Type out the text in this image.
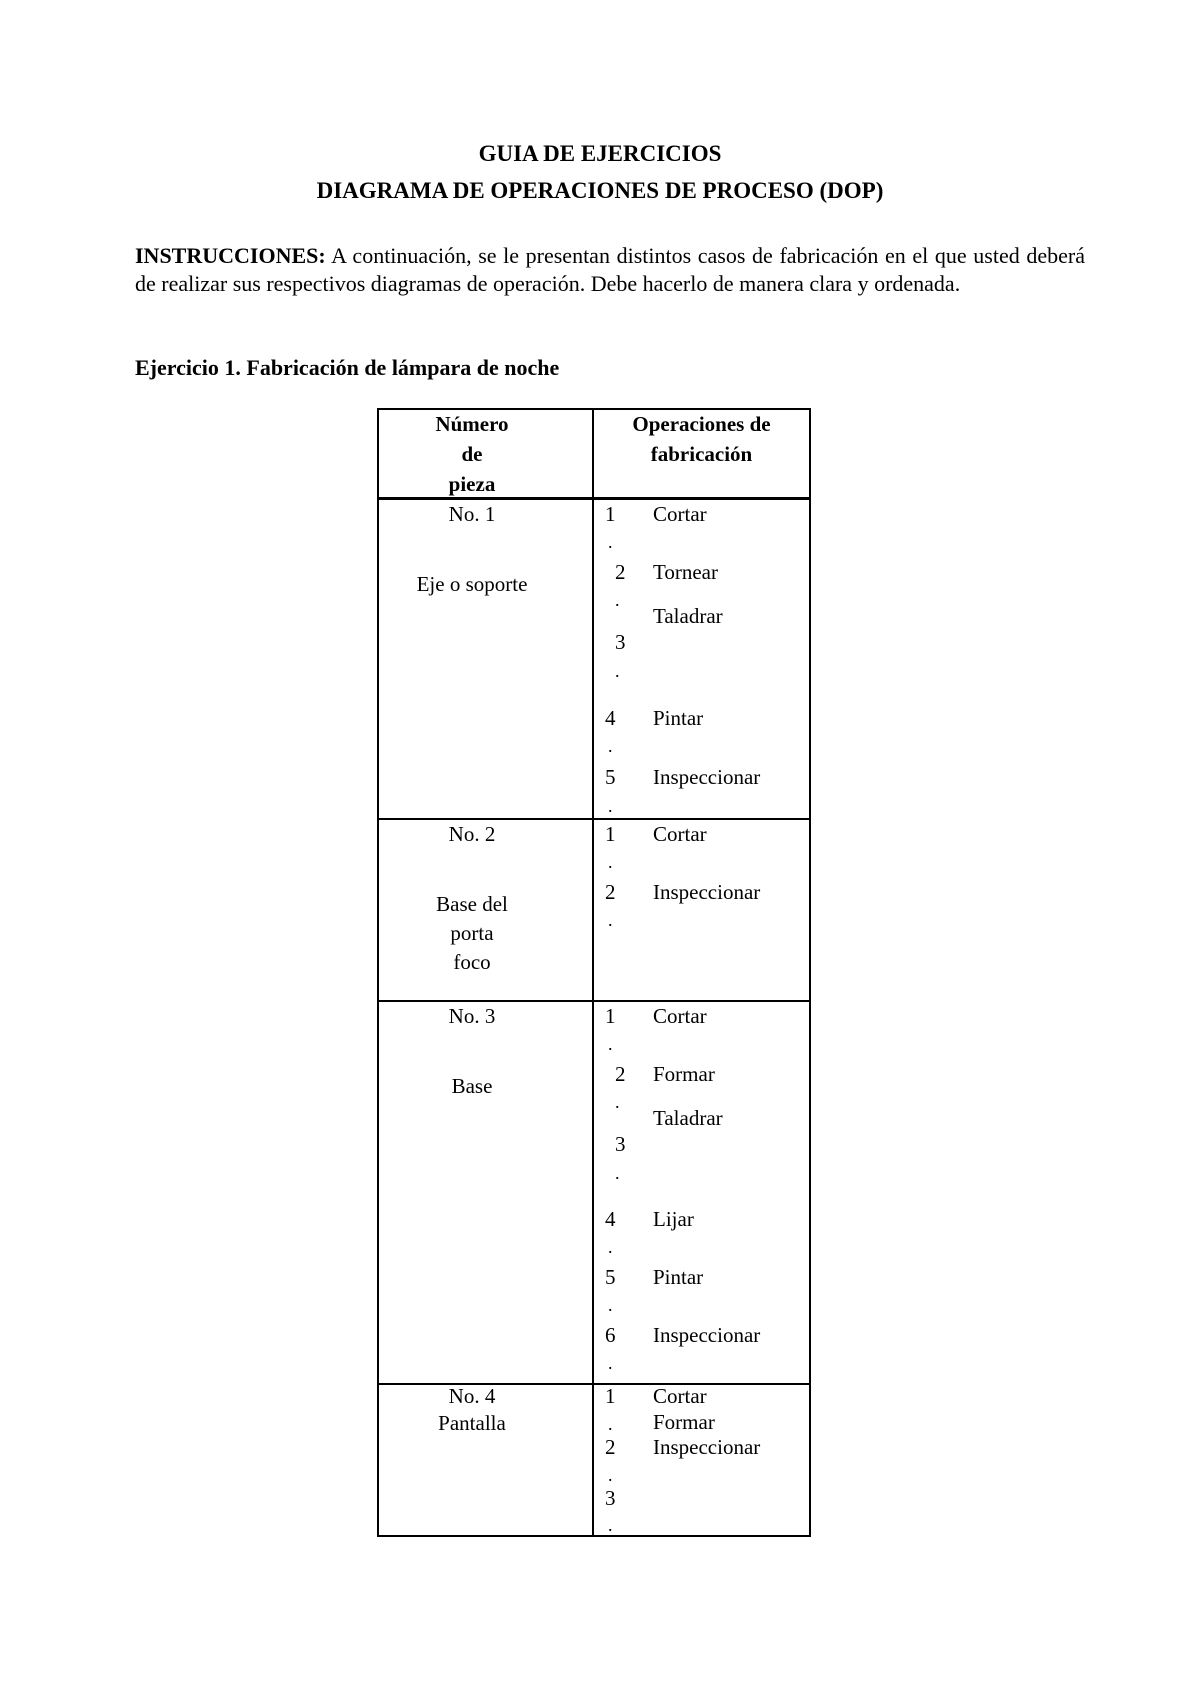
GUIA DE EJERCICIOS
DIAGRAMA DE OPERACIONES DE PROCESO (DOP)
INSTRUCCIONES: A continuación, se le presentan distintos casos de fabricación en el que usted deberá de realizar sus respectivos diagramas de operación. Debe hacerlo de manera clara y ordenada.
Ejercicio 1. Fabricación de lámpara de noche
Número
de
pieza
Operaciones de
fabricación
No. 1
Eje o soporte
1
.
2
.
3
.
4
.
5
.
Cortar
Tornear
Taladrar
Pintar
Inspeccionar
No. 2
Base del
porta
foco
1
.
2
.
Cortar
Inspeccionar
No. 3
Base
1
.
2
.
3
.
4
.
5
.
6
.
Cortar
Formar
Taladrar
Lijar
Pintar
Inspeccionar
No. 4
Pantalla
1
.
2
.
3
.
Cortar
Formar
Inspeccionar
